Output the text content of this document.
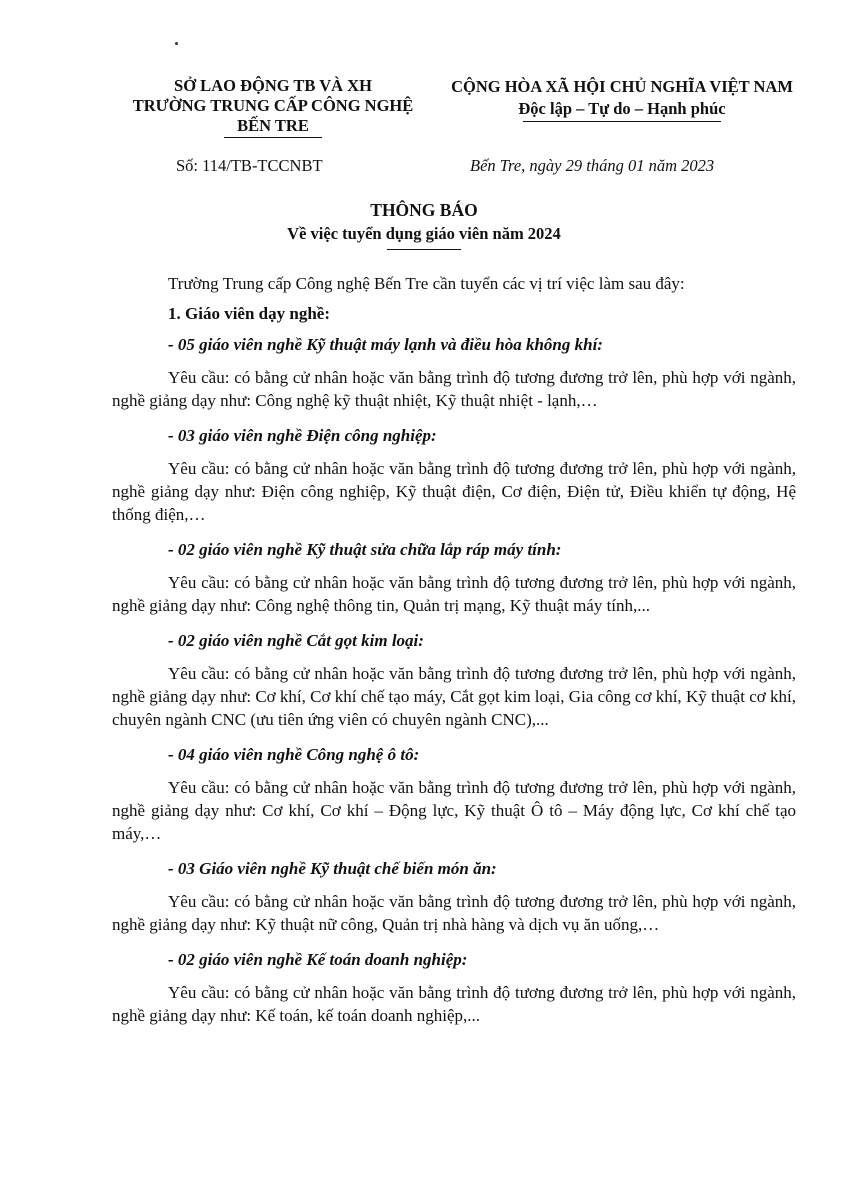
SỞ LAO ĐỘNG TB VÀ XH
TRƯỜNG TRUNG CẤP CÔNG NGHỆ
BẾN TRE
CỘNG HÒA XÃ HỘI CHỦ NGHĨA VIỆT NAM
Độc lập – Tự do – Hạnh phúc
Số: 114/TB-TCCNBT	Bến Tre, ngày 29 tháng 01 năm 2023
THÔNG BÁO
Về việc tuyển dụng giáo viên năm 2024

Trường Trung cấp Công nghệ Bến Tre cần tuyển các vị trí việc làm sau đây:

1. Giáo viên dạy nghề:
- 05 giáo viên nghề Kỹ thuật máy lạnh và điều hòa không khí:

Yêu cầu: có bằng cử nhân hoặc văn bằng trình độ tương đương trở lên, phù hợp với ngành, nghề giảng dạy như: Công nghệ kỹ thuật nhiệt, Kỹ thuật nhiệt - lạnh,…

- 03 giáo viên nghề Điện công nghiệp:

Yêu cầu: có bằng cử nhân hoặc văn bằng trình độ tương đương trở lên, phù hợp với ngành, nghề giảng dạy như: Điện công nghiệp, Kỹ thuật điện, Cơ điện, Điện tử, Điều khiển tự động, Hệ thống điện,…

- 02 giáo viên nghề Kỹ thuật sửa chữa lắp ráp máy tính:

Yêu cầu: có bằng cử nhân hoặc văn bằng trình độ tương đương trở lên, phù hợp với ngành, nghề giảng dạy như: Công nghệ thông tin, Quản trị mạng, Kỹ thuật máy tính,...

- 02 giáo viên nghề Cắt gọt kim loại:

Yêu cầu: có bằng cử nhân hoặc văn bằng trình độ tương đương trở lên, phù hợp với ngành, nghề giảng dạy như: Cơ khí, Cơ khí chế tạo máy, Cắt gọt kim loại, Gia công cơ khí, Kỹ thuật cơ khí, chuyên ngành CNC (ưu tiên ứng viên có chuyên ngành CNC),...

- 04 giáo viên nghề Công nghệ ô tô:

Yêu cầu: có bằng cử nhân hoặc văn bằng trình độ tương đương trở lên, phù hợp với ngành, nghề giảng dạy như: Cơ khí, Cơ khí – Động lực, Kỹ thuật Ô tô – Máy động lực, Cơ khí chế tạo máy,…

- 03 Giáo viên nghề Kỹ thuật chế biến món ăn:

Yêu cầu: có bằng cử nhân hoặc văn bằng trình độ tương đương trở lên, phù hợp với ngành, nghề giảng dạy như: Kỹ thuật nữ công, Quản trị nhà hàng và dịch vụ ăn uống,…

- 02 giáo viên nghề Kế toán doanh nghiệp:

Yêu cầu: có bằng cử nhân hoặc văn bằng trình độ tương đương trở lên, phù hợp với ngành, nghề giảng dạy như: Kế toán, kế toán doanh nghiệp,...
